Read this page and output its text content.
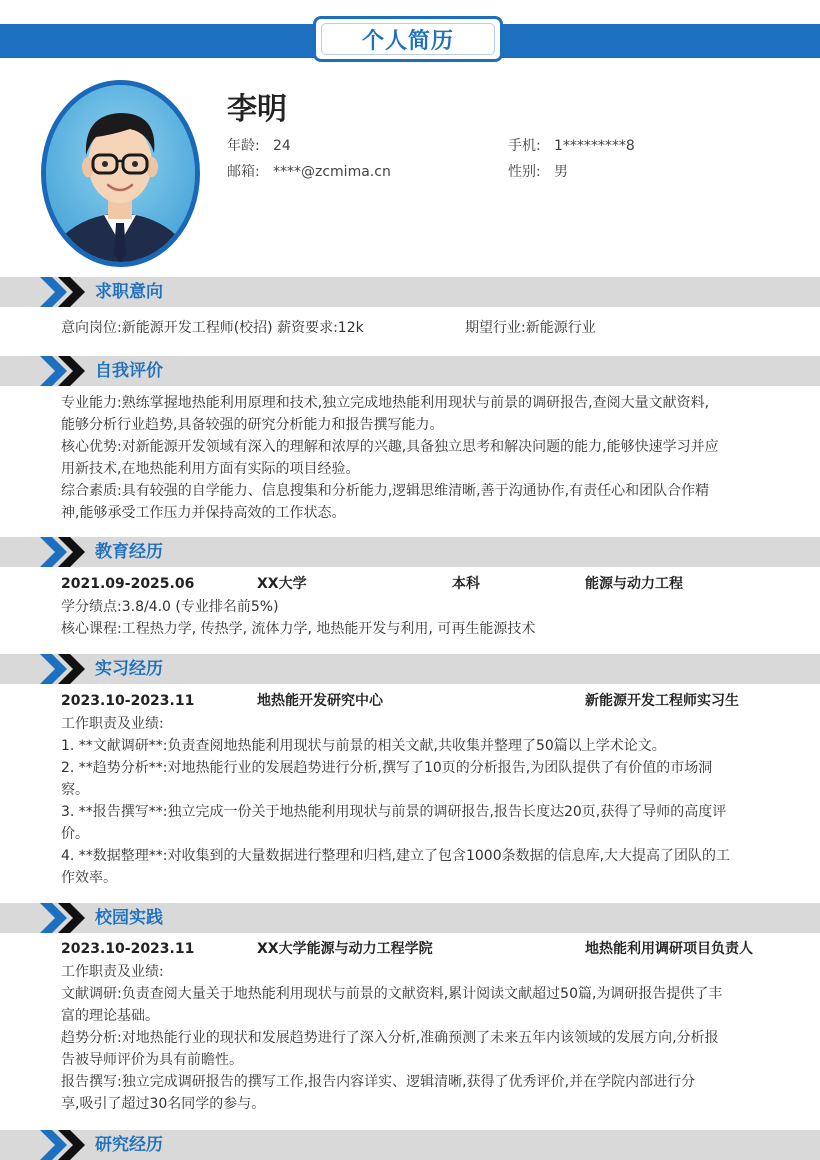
个人简历
李明
年龄: 24	手机: 1*********8
邮箱: ****@zcmima.cn	性别: 男
求职意向
意向岗位:新能源开发工程师(校招) 薪资要求:12k	期望行业:新能源行业
自我评价
专业能力:熟练掌握地热能利用原理和技术,独立完成地热能利用现状与前景的调研报告,查阅大量文献资料,
能够分析行业趋势,具备较强的研究分析能力和报告撰写能力。
核心优势:对新能源开发领域有深入的理解和浓厚的兴趣,具备独立思考和解决问题的能力,能够快速学习并应
用新技术,在地热能利用方面有实际的项目经验。
综合素质:具有较强的自学能力、信息搜集和分析能力,逻辑思维清晰,善于沟通协作,有责任心和团队合作精
神,能够承受工作压力并保持高效的工作状态。
教育经历
2021.09-2025.06	XX大学	本科	能源与动力工程
学分绩点:3.8/4.0 (专业排名前5%)
核心课程:工程热力学, 传热学, 流体力学, 地热能开发与利用, 可再生能源技术
实习经历
2023.10-2023.11	地热能开发研究中心	新能源开发工程师实习生
工作职责及业绩:
1. **文献调研**:负责查阅地热能利用现状与前景的相关文献,共收集并整理了50篇以上学术论文。
2. **趋势分析**:对地热能行业的发展趋势进行分析,撰写了10页的分析报告,为团队提供了有价值的市场洞
察。
3. **报告撰写**:独立完成一份关于地热能利用现状与前景的调研报告,报告长度达20页,获得了导师的高度评
价。
4. **数据整理**:对收集到的大量数据进行整理和归档,建立了包含1000条数据的信息库,大大提高了团队的工
作效率。
校园实践
2023.10-2023.11	XX大学能源与动力工程学院	地热能利用调研项目负责人
工作职责及业绩:
文献调研:负责查阅大量关于地热能利用现状与前景的文献资料,累计阅读文献超过50篇,为调研报告提供了丰
富的理论基础。
趋势分析:对地热能行业的现状和发展趋势进行了深入分析,准确预测了未来五年内该领域的发展方向,分析报
告被导师评价为具有前瞻性。
报告撰写:独立完成调研报告的撰写工作,报告内容详实、逻辑清晰,获得了优秀评价,并在学院内部进行分
享,吸引了超过30名同学的参与。
研究经历
